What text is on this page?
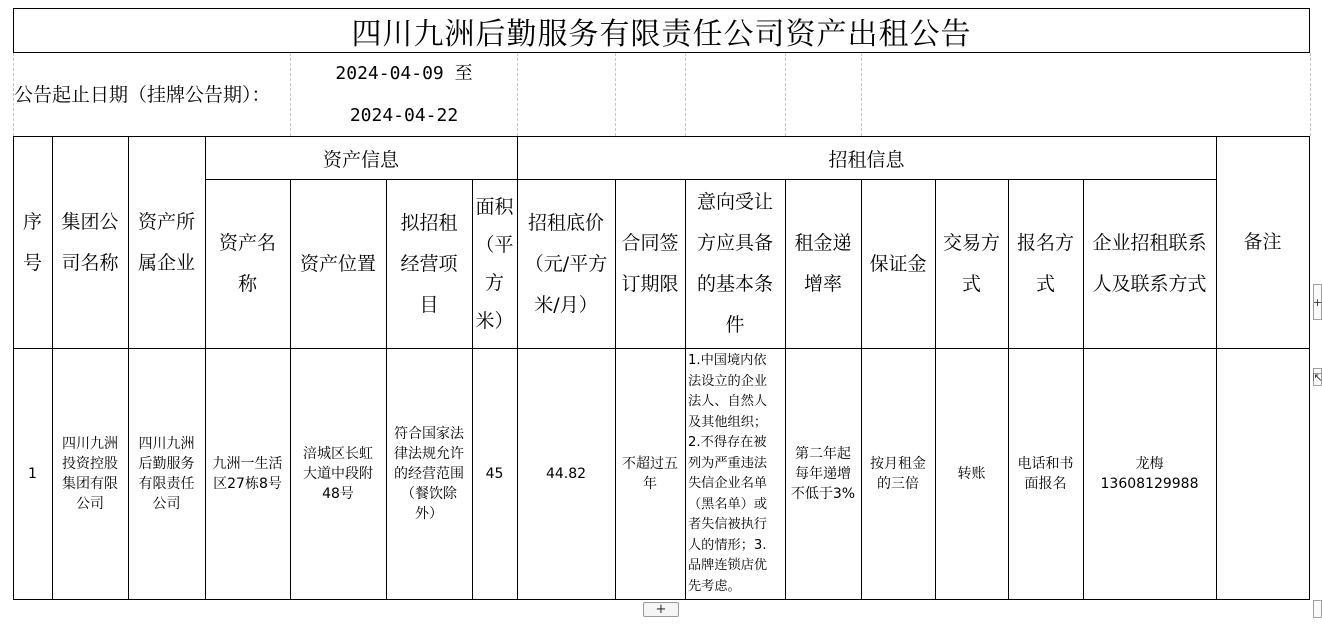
四川九洲后勤服务有限责任公司资产出租公告
公告起止日期（挂牌公告期）：
2024-04-09 至
2024-04-22
资产信息	招租信息
序
号
集团公
司名称
资产所
属企业
资产名
称
资产位置
拟招租
经营项
目
面积
（平
方
米）
招租底价
（元/平方
米/月）
合同签
订期限
意向受让
方应具备
的基本条
件
租金递
增率
保证金
交易方
式
报名方
式
企业招租联系
人及联系方式
备注
1
四川九洲
投资控股
集团有限
公司
四川九洲
后勤服务
有限责任
公司
九洲一生活
区27栋8号
涪城区长虹
大道中段附
48号
符合国家法
律法规允许
的经营范围
（餐饮除
外）
45	44.82
不超过五
年
1.中国境内依
法设立的企业
法人、自然人
及其他组织；
2.不得存在被
列为严重违法
失信企业名单
（黑名单）或
者失信被执行
人的情形；3.
品牌连锁店优
先考虑。
第二年起
每年递增
不低于3%
按月租金
的三倍
转账
电话和书
面报名
龙梅
13608129988
+
+
⇱
